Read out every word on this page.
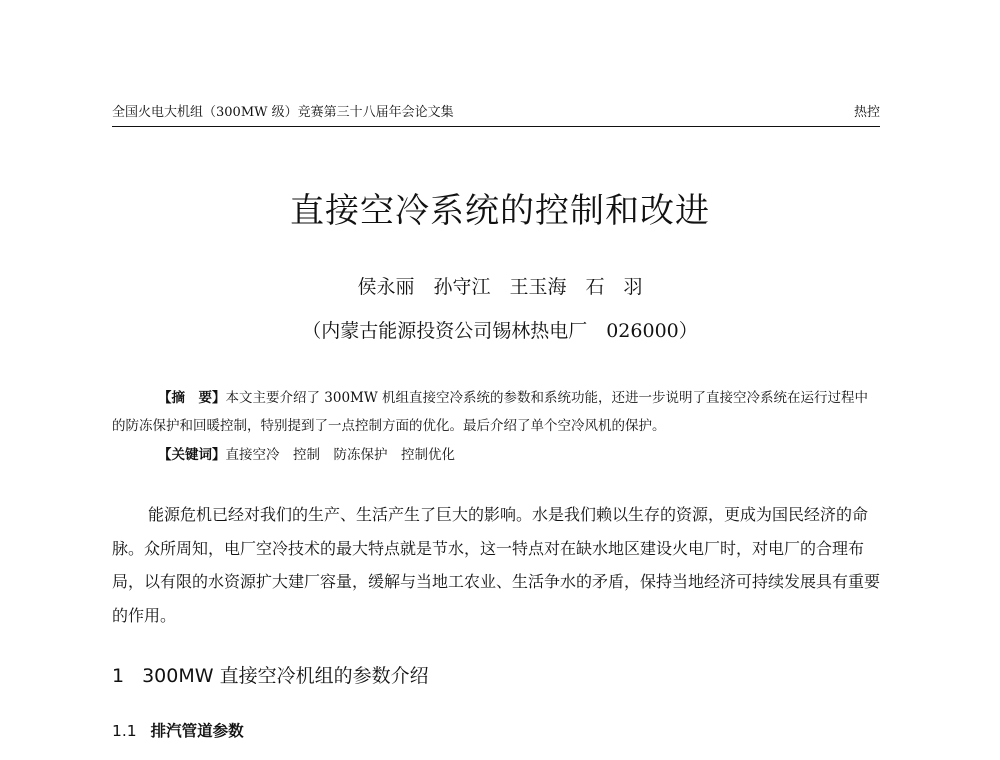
全国火电大机组（300MW 级）竞赛第三十八届年会论文集	热控
直接空冷系统的控制和改进
侯永丽　孙守江　王玉海　石　羽
（内蒙古能源投资公司锡林热电厂　026000）
【摘　要】本文主要介绍了 300MW 机组直接空冷系统的参数和系统功能，还进一步说明了直接空冷系统在运行过程中的防冻保护和回暖控制，特别提到了一点控制方面的优化。最后介绍了单个空冷风机的保护。
【关键词】直接空冷　控制　防冻保护　控制优化
能源危机已经对我们的生产、生活产生了巨大的影响。水是我们赖以生存的资源，更成为国民经济的命脉。众所周知，电厂空冷技术的最大特点就是节水，这一特点对在缺水地区建设火电厂时，对电厂的合理布局，以有限的水资源扩大建厂容量，缓解与当地工农业、生活争水的矛盾，保持当地经济可持续发展具有重要的作用。
1 300MW 直接空冷机组的参数介绍
1.1 排汽管道参数
